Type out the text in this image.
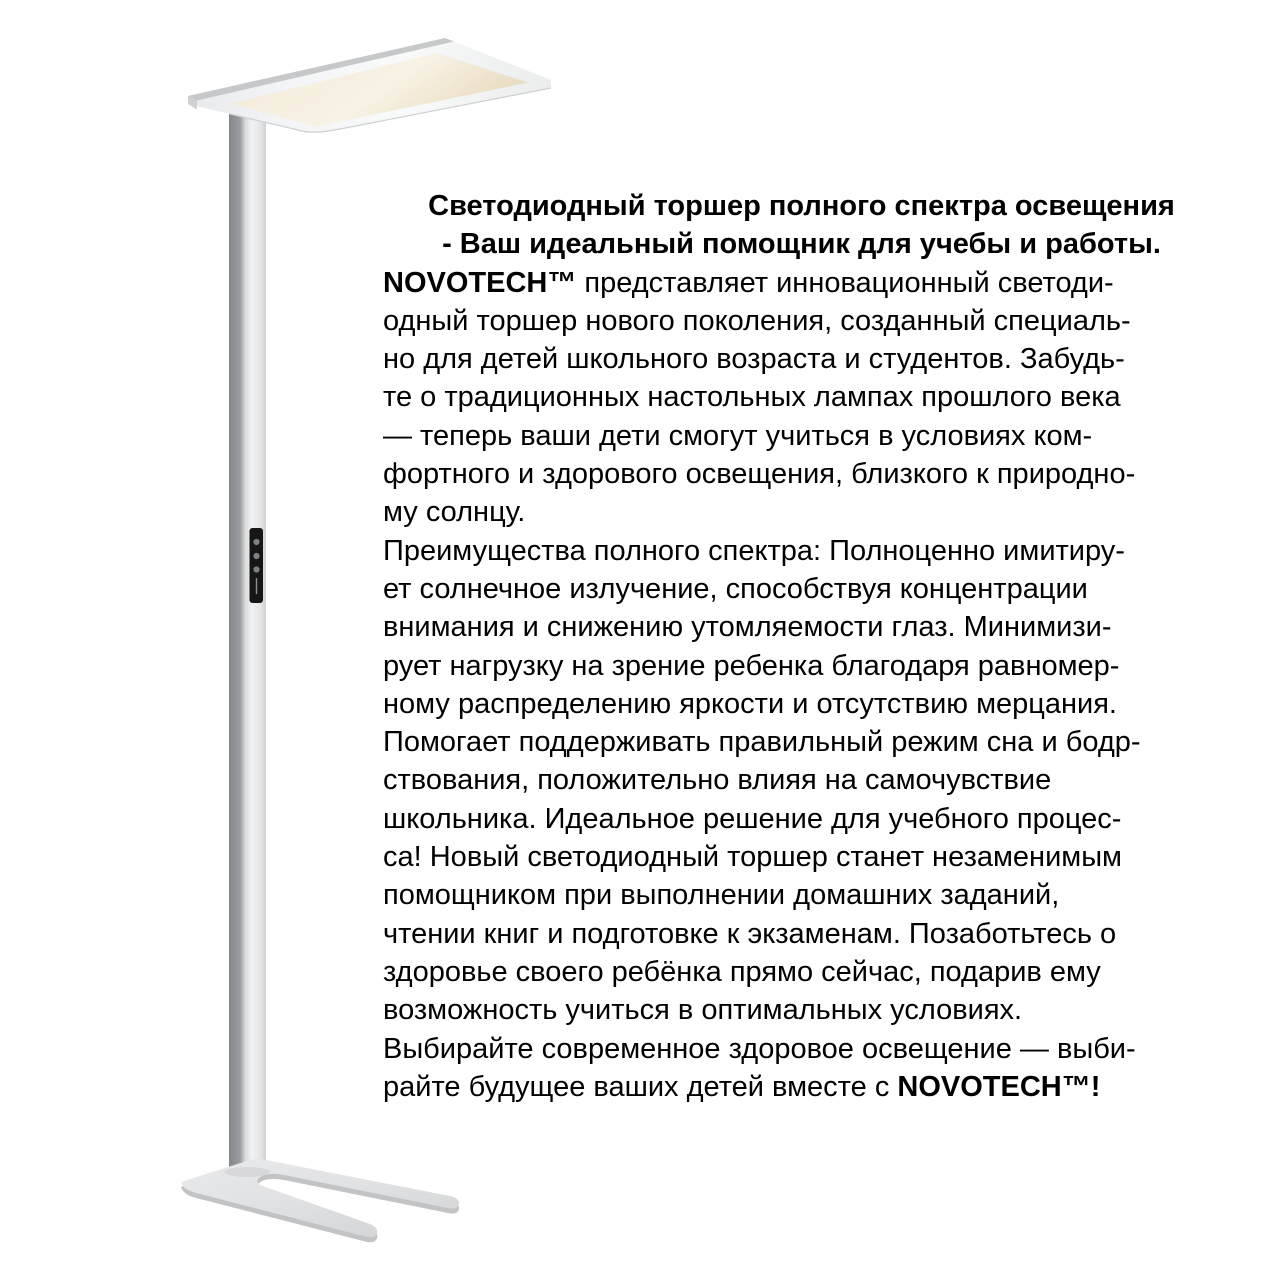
Светодиодный торшер полного спектра освещения
- Ваш идеальный помощник для учебы и работы.
NOVOTECH™ представляет инновационный светоди-
одный торшер нового поколения, созданный специаль-
но для детей школьного возраста и студентов. Забудь-
те о традиционных настольных лампах прошлого века
— теперь ваши дети смогут учиться в условиях ком-
фортного и здорового освещения, близкого к природно-
му солнцу.
Преимущества полного спектра: Полноценно имитиру-
ет солнечное излучение, способствуя концентрации
внимания и снижению утомляемости глаз. Минимизи-
рует нагрузку на зрение ребенка благодаря равномер-
ному распределению яркости и отсутствию мерцания.
Помогает поддерживать правильный режим сна и бодр-
ствования, положительно влияя на самочувствие
школьника. Идеальное решение для учебного процес-
са! Новый светодиодный торшер станет незаменимым
помощником при выполнении домашних заданий,
чтении книг и подготовке к экзаменам. Позаботьтесь о
здоровье своего ребёнка прямо сейчас, подарив ему
возможность учиться в оптимальных условиях.
Выбирайте современное здоровое освещение — выби-
райте будущее ваших детей вместе с NOVOTECH™!
